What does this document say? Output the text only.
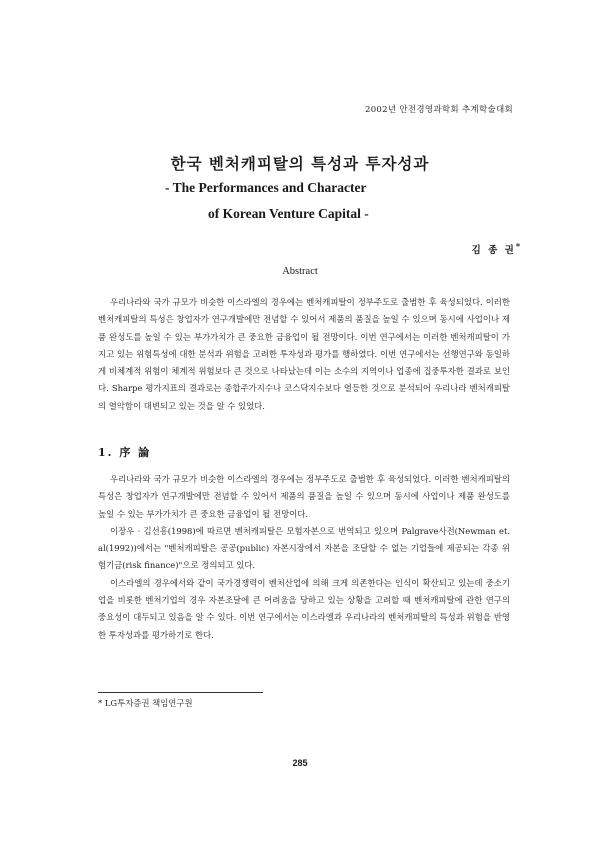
2002년 안전경영과학회 추계학술대회
한국 벤처캐피탈의 특성과 투자성과
- The Performances and Character
of Korean Venture Capital -
김 종 권*
Abstract
우리나라와 국가 규모가 비슷한 이스라엘의 경우에는 벤처캐피탈이 정부주도로 출범한 후 육성되었다. 이러한 벤처캐피탈의 특성은 창업자가 연구개발에만 전념할 수 있어서 제품의 품질을 높일 수 있으며 동시에 사업이나 제품 완성도를 높일 수 있는 부가가치가 큰 중요한 금융업이 될 전망이다. 이번 연구에서는 이러한 벤처캐피탈이 가지고 있는 위험특성에 대한 분석과 위험을 고려한 투자성과 평가를 행하였다. 이번 연구에서는 선행연구와 동일하게 비체계적 위험이 체계적 위험보다 큰 것으로 나타났는데 이는 소수의 지역이나 업종에 집중투자한 결과로 보인다. Sharpe 평가지표의 결과로는 종합주가지수나 코스닥지수보다 열등한 것으로 분석되어 우리나라 벤처캐피탈의 열악함이 대변되고 있는 것을 알 수 있었다.
1. 序 論

우리나라와 국가 규모가 비슷한 이스라엘의 경우에는 정부주도로 출범한 후 육성되었다. 이러한 벤처캐피탈의 특성은 창업자가 연구개발에만 전념할 수 있어서 제품의 품질을 높일 수 있으며 동시에 사업이나 제품 완성도를 높일 수 있는 부가가치가 큰 중요한 금융업이 될 전망이다.

이장우 · 김선흥(1998)에 따르면 벤처캐피탈은 모험자본으로 번역되고 있으며 Palgrave사전(Newman et. al(1992))에서는 "벤처캐피탈은 공공(public) 자본시장에서 자본을 조달할 수 없는 기업들에 제공되는 각종 위험기금(risk finance)"으로 정의되고 있다.

이스라엘의 경우에서와 같이 국가경쟁력이 벤처산업에 의해 크게 의존한다는 인식이 확산되고 있는데 중소기업을 비롯한 벤처기업의 경우 자본조달에 큰 어려움을 당하고 있는 상황을 고려할 때 벤처캐피탈에 관한 연구의 중요성이 대두되고 있음을 알 수 있다. 이번 연구에서는 이스라엘과 우리나라의 벤처캐피탈의 특성과 위험을 반영한 투자성과를 평가하기로 한다.

* LG투자증권 책임연구원
285
